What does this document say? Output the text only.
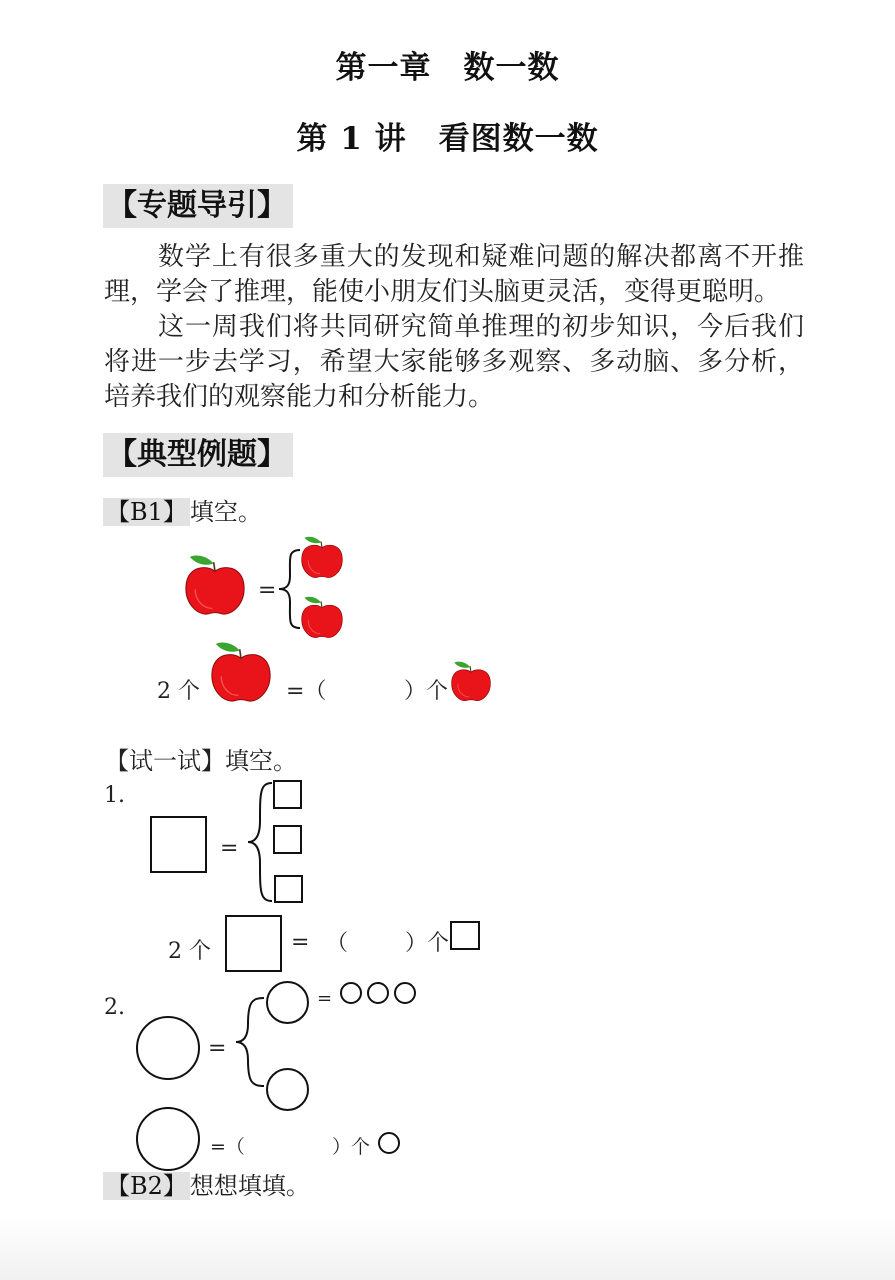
第一章　数一数
第 1 讲　看图数一数
【专题导引】

数学上有很多重大的发现和疑难问题的解决都离不开推理，学会了推理，能使小朋友们头脑更灵活，变得更聪明。

这一周我们将共同研究简单推理的初步知识，今后我们将进一步去学习，希望大家能够多观察、多动脑、多分析，培养我们的观察能力和分析能力。

【典型例题】
【B1】 填空。
=
2 个	=（	）个
【试一试】填空。
1.
=
2 个	= （	）个
2.
=
=
=（	）个
【B2】 想想填填。
